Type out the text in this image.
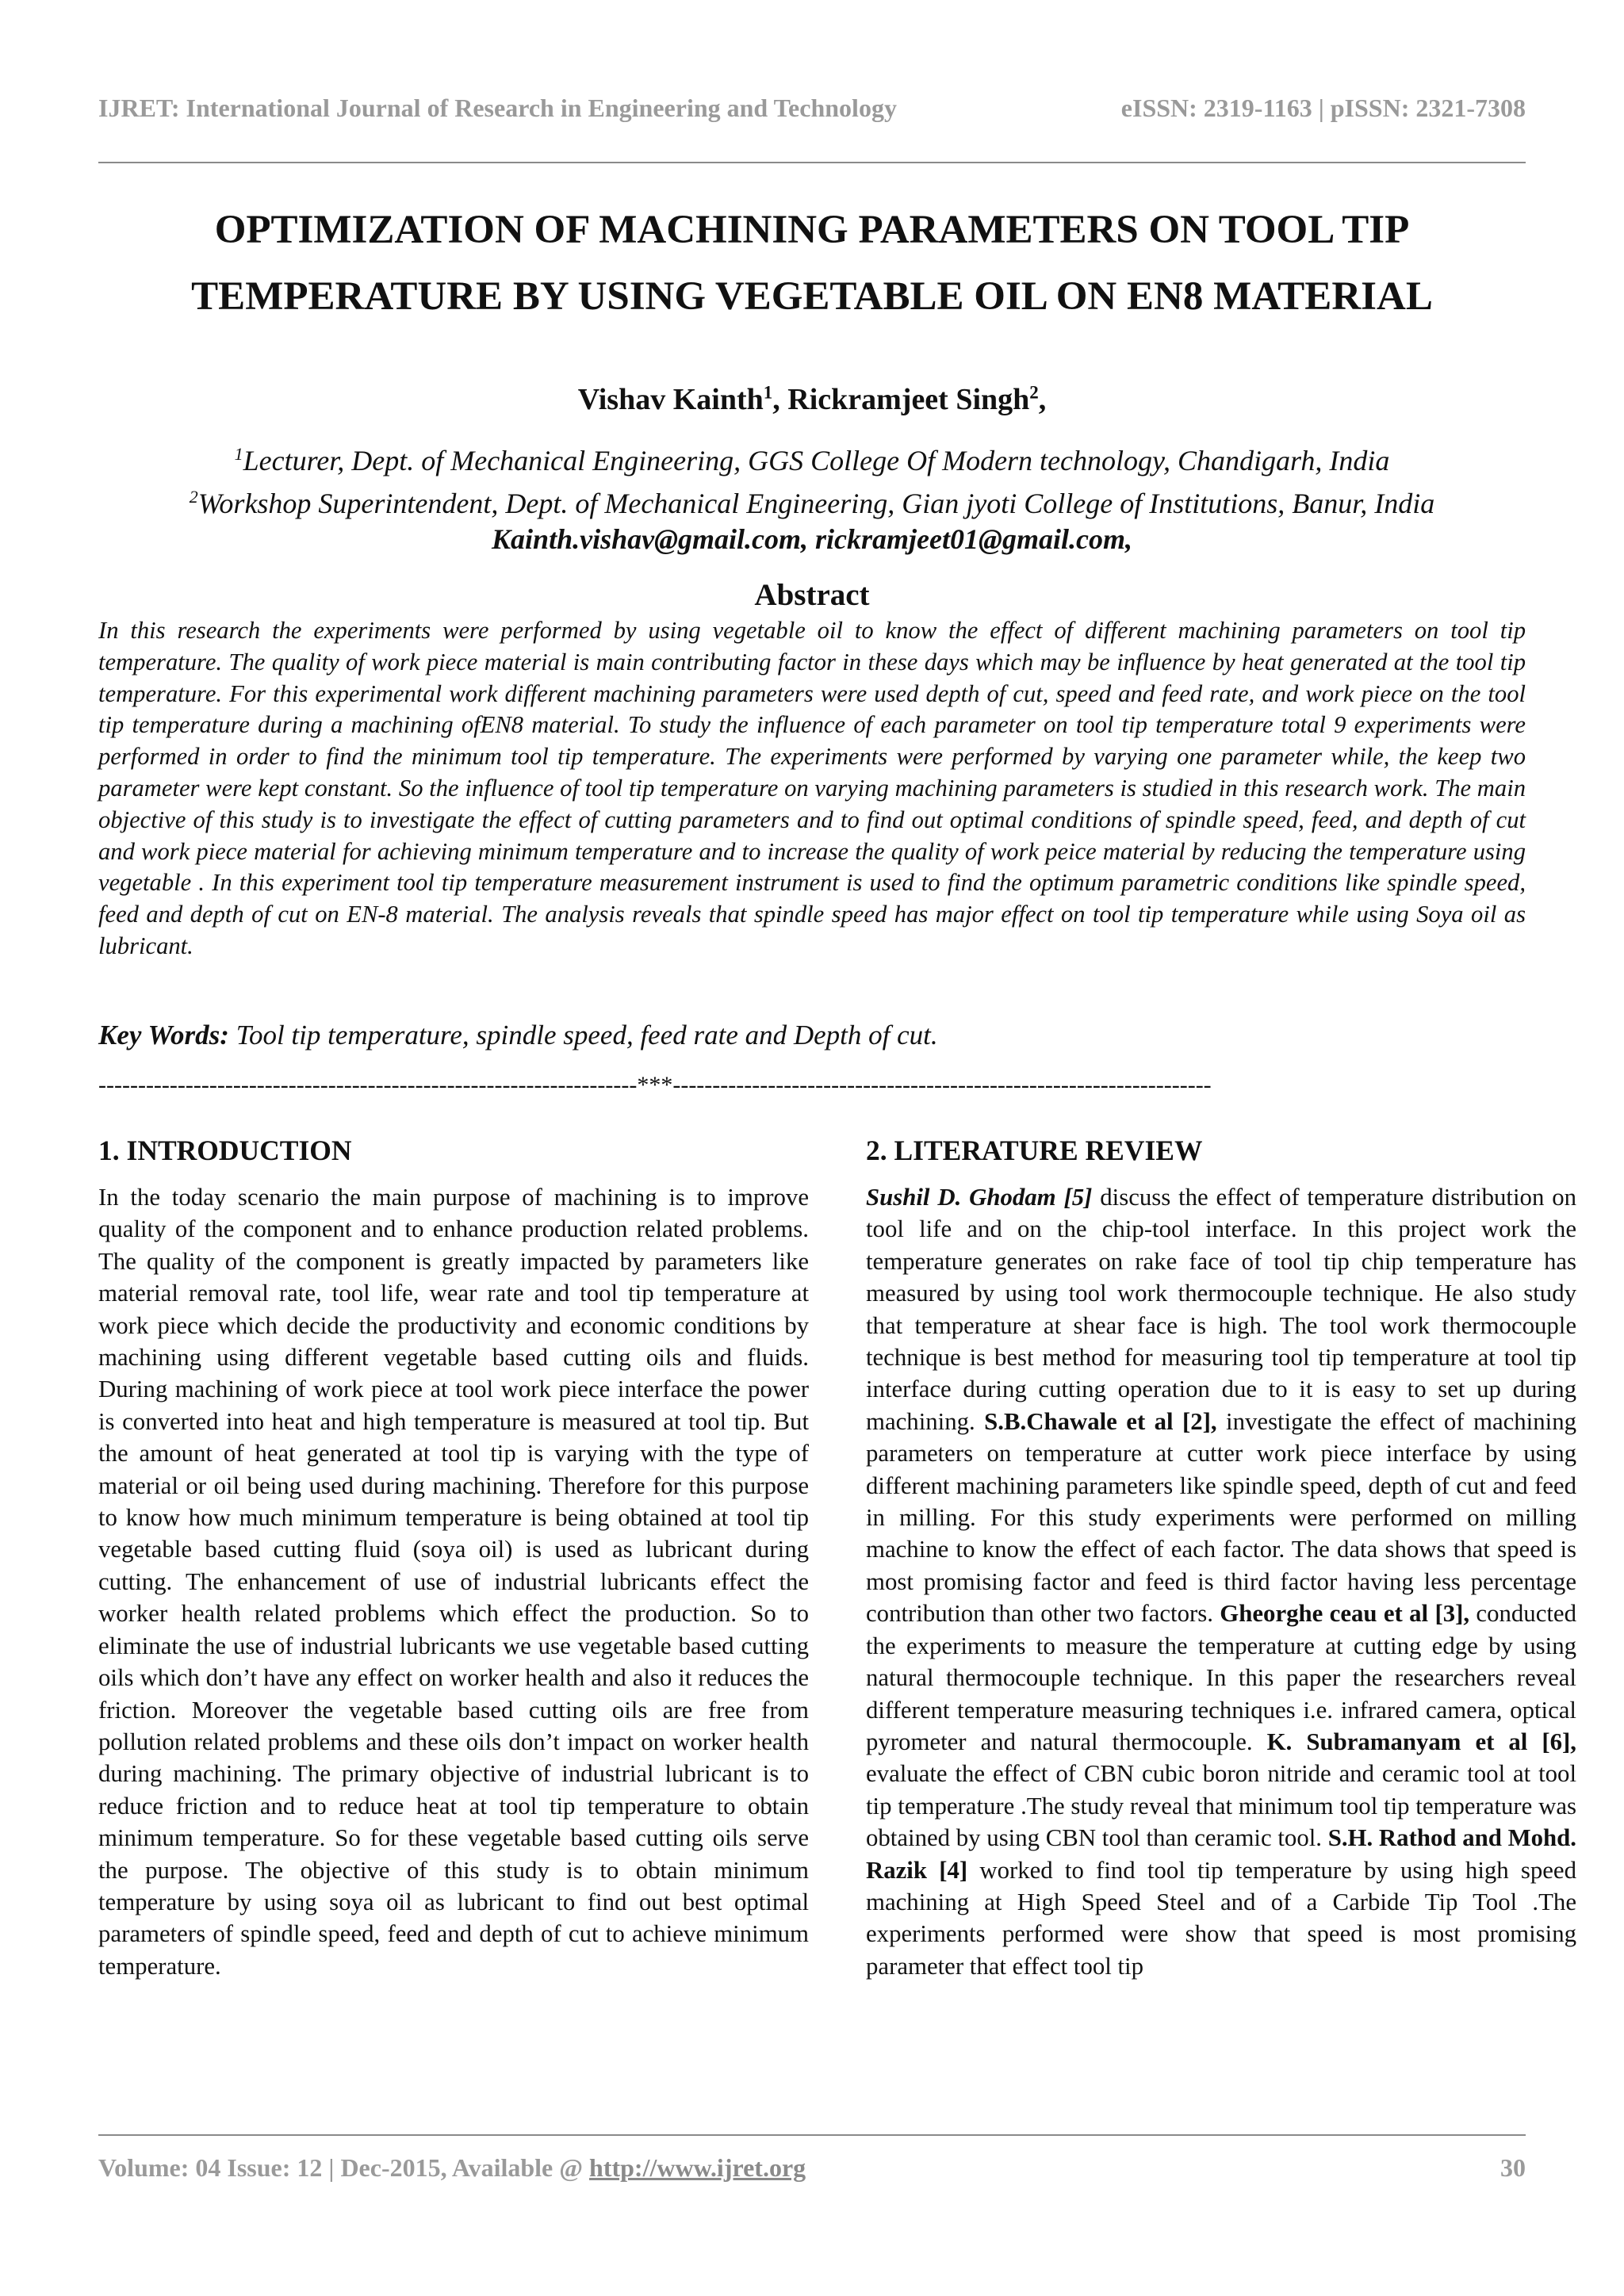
IJRET: International Journal of Research in Engineering and Technology	eISSN: 2319-1163 | pISSN: 2321-7308
OPTIMIZATION OF MACHINING PARAMETERS ON TOOL TIP
TEMPERATURE BY USING VEGETABLE OIL ON EN8 MATERIAL
Vishav Kainth$^1$, Rickramjeet Singh$^2$,
$^1$Lecturer, Dept. of Mechanical Engineering, GGS College Of Modern technology, Chandigarh, India
$^2$Workshop Superintendent, Dept. of Mechanical Engineering, Gian jyoti College of Institutions, Banur, India
Kainth.vishav@gmail.com, rickramjeet01@gmail.com,
Abstract
In this research the experiments were performed by using vegetable oil to know the effect of different machining parameters on tool tip temperature. The quality of work piece material is main contributing factor in these days which may be influence by heat generated at the tool tip temperature. For this experimental work different machining parameters were used depth of cut, speed and feed rate, and work piece on the tool tip temperature during a machining ofEN8 material. To study the influence of each parameter on tool tip temperature total 9 experiments were performed in order to find the minimum tool tip temperature. The experiments were performed by varying one parameter while, the keep two parameter were kept constant. So the influence of tool tip temperature on varying machining parameters is studied in this research work. The main objective of this study is to investigate the effect of cutting parameters and to find out optimal conditions of spindle speed, feed, and depth of cut and work piece material for achieving minimum temperature and to increase the quality of work peice material by reducing the temperature using vegetable . In this experiment tool tip temperature measurement instrument is used to find the optimum parametric conditions like spindle speed, feed and depth of cut on EN-8 material. The analysis reveals that spindle speed has major effect on tool tip temperature while using Soya oil as lubricant.
Key Words: Tool tip temperature, spindle speed, feed rate and Depth of cut.
--------------------------------------------------------------------***--------------------------------------------------------------------
1. INTRODUCTION
In the today scenario the main purpose of machining is to improve quality of the component and to enhance production related problems. The quality of the component is greatly impacted by parameters like material removal rate, tool life, wear rate and tool tip temperature at work piece which decide the productivity and economic conditions by machining using different vegetable based cutting oils and fluids. During machining of work piece at tool work piece interface the power is converted into heat and high temperature is measured at tool tip. But the amount of heat generated at tool tip is varying with the type of material or oil being used during machining. Therefore for this purpose to know how much minimum temperature is being obtained at tool tip vegetable based cutting fluid (soya oil) is used as lubricant during cutting. The enhancement of use of industrial lubricants effect the worker health related problems which effect the production. So to eliminate the use of industrial lubricants we use vegetable based cutting oils which don’t have any effect on worker health and also it reduces the friction. Moreover the vegetable based cutting oils are free from pollution related problems and these oils don’t impact on worker health during machining. The primary objective of industrial lubricant is to reduce friction and to reduce heat at tool tip temperature to obtain minimum temperature. So for these vegetable based cutting oils serve the purpose. The objective of this study is to obtain minimum temperature by using soya oil as lubricant to find out best optimal parameters of spindle speed, feed and depth of cut to achieve minimum temperature.
2. LITERATURE REVIEW
Sushil D. Ghodam [5] discuss the effect of temperature distribution on tool life and on the chip-tool interface. In this project work the temperature generates on rake face of tool tip chip temperature has measured by using tool work thermocouple technique. He also study that temperature at shear face is high. The tool work thermocouple technique is best method for measuring tool tip temperature at tool tip interface during cutting operation due to it is easy to set up during machining. S.B.Chawale et al [2], investigate the effect of machining parameters on temperature at cutter work piece interface by using different machining parameters like spindle speed, depth of cut and feed in milling. For this study experiments were performed on milling machine to know the effect of each factor. The data shows that speed is most promising factor and feed is third factor having less percentage contribution than other two factors. Gheorghe ceau et al [3], conducted the experiments to measure the temperature at cutting edge by using natural thermocouple technique. In this paper the researchers reveal different temperature measuring techniques i.e. infrared camera, optical pyrometer and natural thermocouple. K. Subramanyam et al [6], evaluate the effect of CBN cubic boron nitride and ceramic tool at tool tip temperature .The study reveal that minimum tool tip temperature was obtained by using CBN tool than ceramic tool. S.H. Rathod and Mohd. Razik [4] worked to find tool tip temperature by using high speed machining at High Speed Steel and of a Carbide Tip Tool .The experiments performed were show that speed is most promising parameter that effect tool tip
Volume: 04 Issue: 12 | Dec-2015, Available @ http://www.ijret.org	30
